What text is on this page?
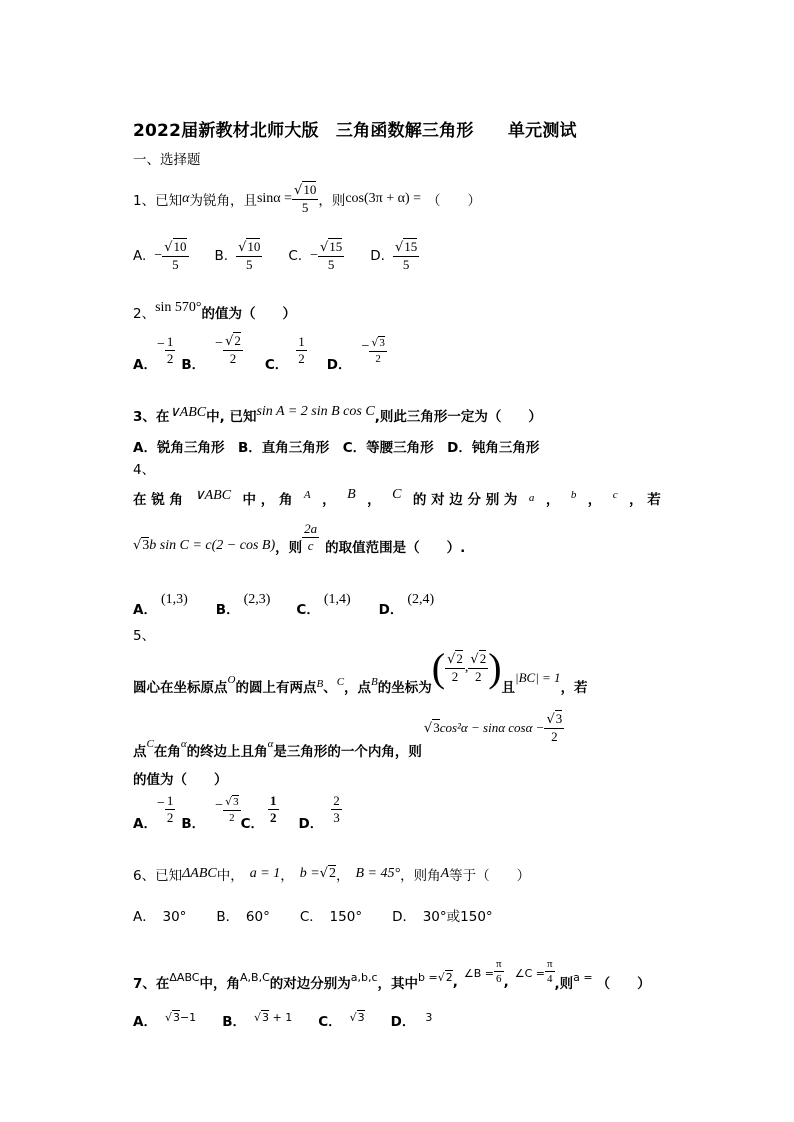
2022届新教材北师大版　三角函数解三角形　　单元测试
一、选择题
1、已知 α 为锐角，且 $\sin\alpha = \frac{√10}{5}$ ，则 cos(3π + α) = （　　）
A. − $\frac{√10}{5} B$. $\frac{√10}{5} C$. − $\frac{√15}{5} D$. $\frac{√15}{5}$
2、 sin 570° 的值为（　　）
A．
− $\frac{1}{2}$ B．
− $\frac{√2}{2}$ C． $\frac{1}{2}$ D．
− $\frac{√3}{2}$
3、在 ∨ABC 中, 已知 sin A = 2 sin B cos C ,则此三角形一定为（　　）
A．锐角三角形　B．直角三角形　C．等腰三角形　D．钝角三角形
4、
在 锐 角 ∨ABC 中 ， 角 A ， B ， C 的 对 边 分 别 为 a ， b ， c ， 若
√3 b sin C = c(2 − cos B) ，则 $\frac{2a}{c}$ 的取值范围是（　　）.
A．
(1,3)
B．
(2,3)
C．
(1,4)
D．
(2,4)
5、
圆心在坐标原点 O 的圆上有两点 B 、 C ，点 B 的坐标为 ( $\frac{√2}{2}$ , $\frac{√2}{2}$ ) 且
|BC| = 1
，若
点 C 在角 α 的终边上且角 α 是三角形的一个内角，则
√3 cos²α − sinα $\cos\alpha - \frac{√3}{2}$
的值为（　　）
A．
− $\frac{1}{2}$ B．
− $\frac{√3}{2}$ C． $\frac{1}{2}$ D． $\frac{2}{3}$
6、已知 ΔABC 中， a = 1 ， b = √2 ， B = 45° ，则角 A 等于（　　）
A．　30° B．　60° C．　150° D．　30°或150°
7、在 ΔABC 中，角 A,B,C 的对边分别为 a,b,c ，其中 b = √2 , ∠B = $\frac{\pi}{6}$ , ∠C = $\frac{\pi}{4}$ ,则 a = （　　）
A． √3−1 B． √3 + 1 C． √3 D． 3
